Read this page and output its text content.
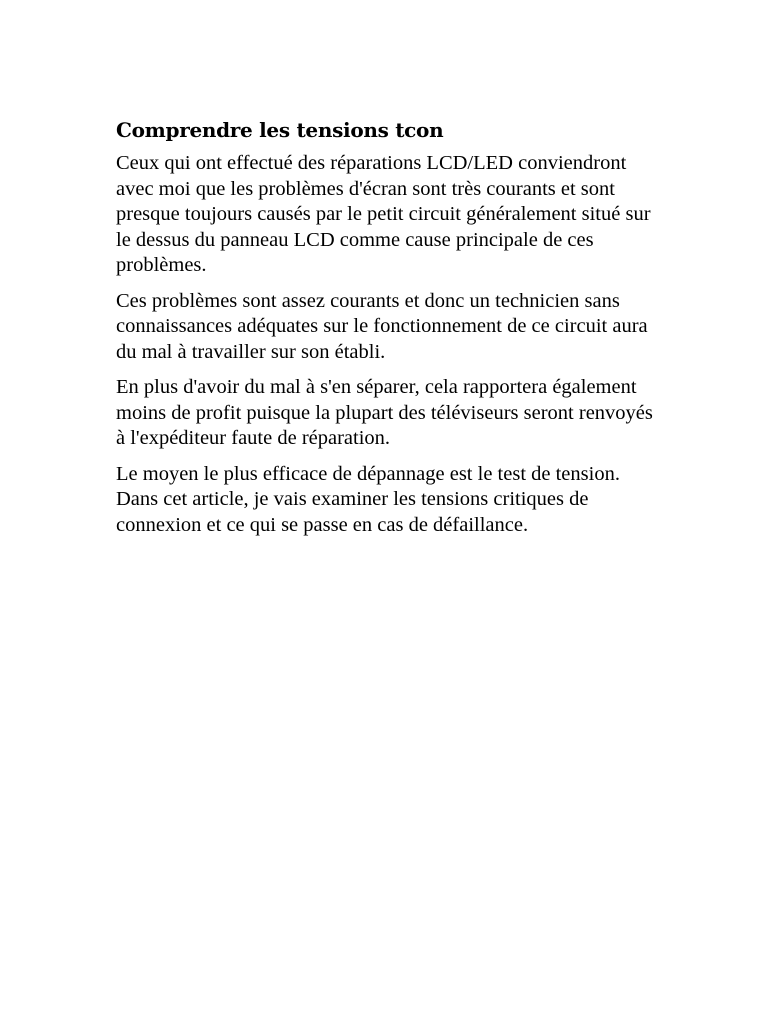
Comprendre les tensions tcon

Ceux qui ont effectué des réparations LCD/LED conviendront avec moi que les problèmes d'écran sont très courants et sont presque toujours causés par le petit circuit généralement situé sur le dessus du panneau LCD comme cause principale de ces problèmes.

Ces problèmes sont assez courants et donc un technicien sans connaissances adéquates sur le fonctionnement de ce circuit aura du mal à travailler sur son établi.

En plus d'avoir du mal à s'en séparer, cela rapportera également moins de profit puisque la plupart des téléviseurs seront renvoyés à l'expéditeur faute de réparation.

Le moyen le plus efficace de dépannage est le test de tension. Dans cet article, je vais examiner les tensions critiques de connexion et ce qui se passe en cas de défaillance.
